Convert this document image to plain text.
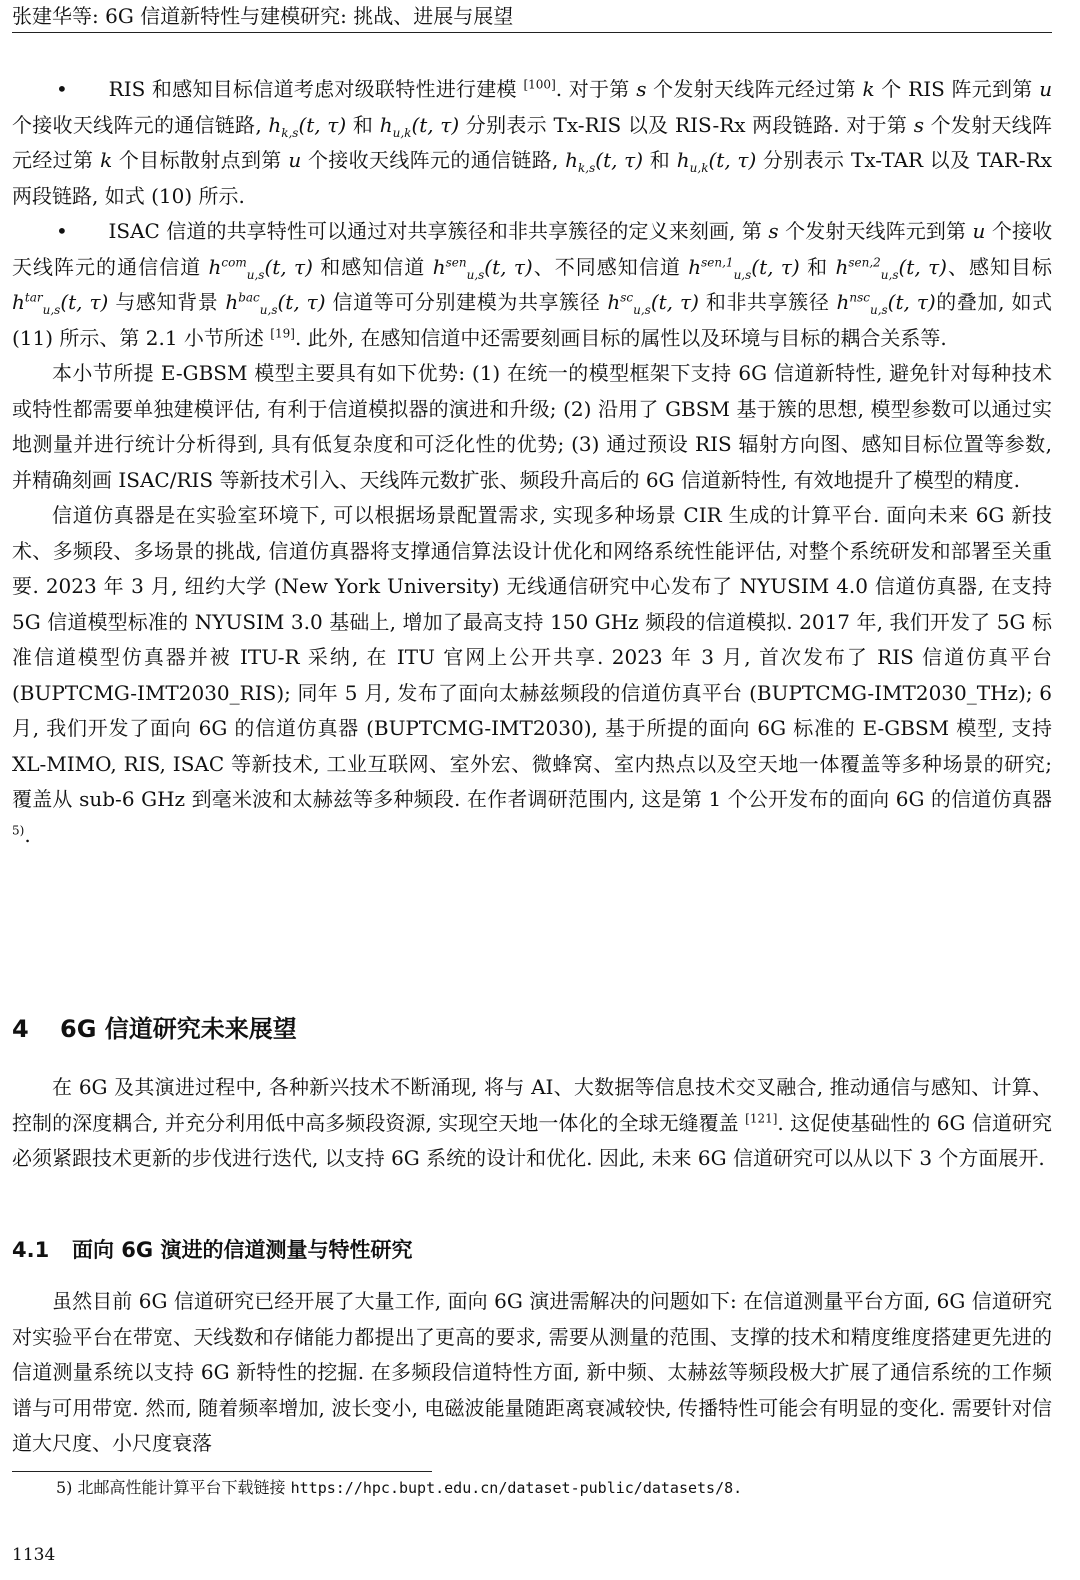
张建华等: 6G 信道新特性与建模研究: 挑战、进展与展望

• RIS 和感知目标信道考虑对级联特性进行建模 [100]. 对于第 s 个发射天线阵元经过第 k 个 RIS 阵元到第 u 个接收天线阵元的通信链路, $h_{k,s}(t$, τ) 和 $h_{u,k}(t$, τ) 分别表示 Tx-RIS 以及 RIS-Rx 两段链路. 对于第 s 个发射天线阵元经过第 k 个目标散射点到第 u 个接收天线阵元的通信链路, $h_{k,s}(t$, τ) 和 $h_{u,k}(t$, τ) 分别表示 Tx-TAR 以及 TAR-Rx 两段链路, 如式 (10) 所示.

• ISAC 信道的共享特性可以通过对共享簇径和非共享簇径的定义来刻画, 第 s 个发射天线阵元到第 u 个接收天线阵元的通信信道 $h^{com}_{u,s}(t$, τ) 和感知信道 $h^{sen}_{u,s}(t$, τ)、不同感知信道 $h^{sen,1}_{u,s}(t$, τ) 和 $h^{sen,2}_{u,s}(t$, τ)、感知目标 $h^{tar}_{u,s}(t$, τ) 与感知背景 $h^{bac}_{u,s}(t$, τ) 信道等可分别建模为共享簇径 $h^{sc}_{u,s}(t$, τ) 和非共享簇径 $h^{nsc}_{u,s}(t$, τ)的叠加, 如式 (11) 所示、第 2.1 小节所述 [19]. 此外, 在感知信道中还需要刻画目标的属性以及环境与目标的耦合关系等.

本小节所提 E-GBSM 模型主要具有如下优势: (1) 在统一的模型框架下支持 6G 信道新特性, 避免针对每种技术或特性都需要单独建模评估, 有利于信道模拟器的演进和升级; (2) 沿用了 GBSM 基于簇的思想, 模型参数可以通过实地测量并进行统计分析得到, 具有低复杂度和可泛化性的优势; (3) 通过预设 RIS 辐射方向图、感知目标位置等参数, 并精确刻画 ISAC/RIS 等新技术引入、天线阵元数扩张、频段升高后的 6G 信道新特性, 有效地提升了模型的精度.

信道仿真器是在实验室环境下, 可以根据场景配置需求, 实现多种场景 CIR 生成的计算平台. 面向未来 6G 新技术、多频段、多场景的挑战, 信道仿真器将支撑通信算法设计优化和网络系统性能评估, 对整个系统研发和部署至关重要. 2023 年 3 月, 纽约大学 (New York University) 无线通信研究中心发布了 NYUSIM 4.0 信道仿真器, 在支持 5G 信道模型标准的 NYUSIM 3.0 基础上, 增加了最高支持 150 GHz 频段的信道模拟. 2017 年, 我们开发了 5G 标准信道模型仿真器并被 ITU-R 采纳, 在 ITU 官网上公开共享. 2023 年 3 月, 首次发布了 RIS 信道仿真平台 (BUPTCMG-IMT2030_RIS); 同年 5 月, 发布了面向太赫兹频段的信道仿真平台 (BUPTCMG-IMT2030_THz); 6 月, 我们开发了面向 6G 的信道仿真器 (BUPTCMG-IMT2030), 基于所提的面向 6G 标准的 E-GBSM 模型, 支持 XL-MIMO, RIS, ISAC 等新技术, 工业互联网、室外宏、微蜂窝、室内热点以及空天地一体覆盖等多种场景的研究; 覆盖从 sub-6 GHz 到毫米波和太赫兹等多种频段. 在作者调研范围内, 这是第 1 个公开发布的面向 6G 的信道仿真器$^{5)}$.

4 6G 信道研究未来展望

在 6G 及其演进过程中, 各种新兴技术不断涌现, 将与 AI、大数据等信息技术交叉融合, 推动通信与感知、计算、控制的深度耦合, 并充分利用低中高多频段资源, 实现空天地一体化的全球无缝覆盖 [121]. 这促使基础性的 6G 信道研究必须紧跟技术更新的步伐进行迭代, 以支持 6G 系统的设计和优化. 因此, 未来 6G 信道研究可以从以下 3 个方面展开.

4.1 面向 6G 演进的信道测量与特性研究

虽然目前 6G 信道研究已经开展了大量工作, 面向 6G 演进需解决的问题如下: 在信道测量平台方面, 6G 信道研究对实验平台在带宽、天线数和存储能力都提出了更高的要求, 需要从测量的范围、支撑的技术和精度维度搭建更先进的信道测量系统以支持 6G 新特性的挖掘. 在多频段信道特性方面, 新中频、太赫兹等频段极大扩展了通信系统的工作频谱与可用带宽. 然而, 随着频率增加, 波长变小, 电磁波能量随距离衰减较快, 传播特性可能会有明显的变化. 需要针对信道大尺度、小尺度衰落

5) 北邮高性能计算平台下载链接 https://hpc.bupt.edu.cn/dataset-public/datasets/8.
1134
